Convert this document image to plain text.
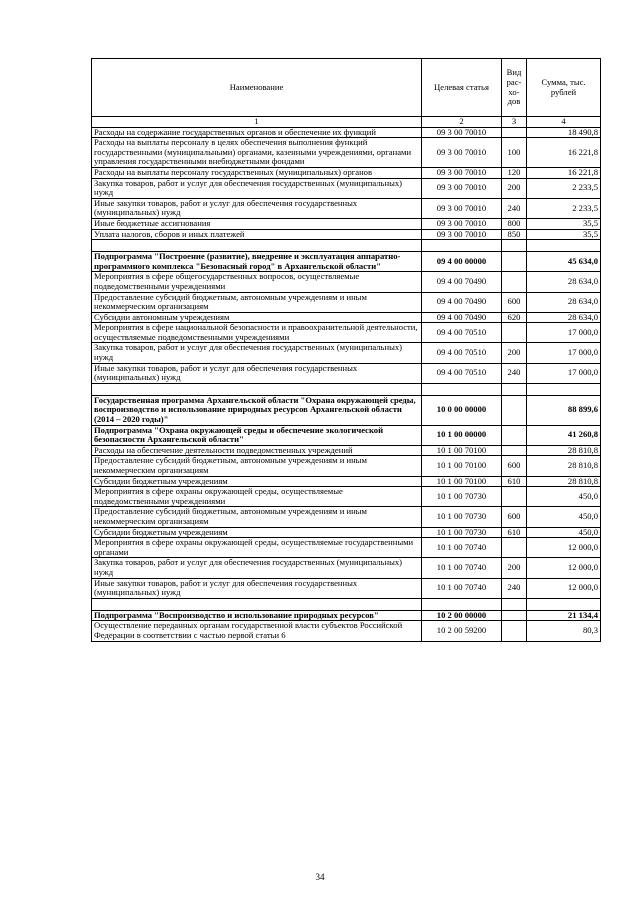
Наименование	Целевая статья	Вид рас-хо-дов	Сумма, тыс. рублей
1	2	3	4
Расходы на содержание государственных органов и обеспечение их функций	09 3 00 70010		18 490,8
Расходы на выплаты персоналу в целях обеспечения выполнения функций государственными (муниципальными) органами, казенными учреждениями, органами управления государственными внебюджетными фондами	09 3 00 70010	100	16 221,8
Расходы на выплаты персоналу государственных (муниципальных) органов	09 3 00 70010	120	16 221,8
Закупка товаров, работ и услуг для обеспечения государственных (муниципальных) нужд	09 3 00 70010	200	2 233,5
Иные закупки товаров, работ и услуг для обеспечения государственных (муниципальных) нужд	09 3 00 70010	240	2 233,5
Иные бюджетные ассигнования	09 3 00 70010	800	35,5
Уплата налогов, сборов и иных платежей	09 3 00 70010	850	35,5

Подпрограмма "Построение (развитие), внедрение и эксплуатация аппаратно-программного комплекса "Безопасный город" в Архангельской области"	09 4 00 00000		45 634,0
Мероприятия в сфере общегосударственных вопросов, осуществляемые подведомственными учреждениями	09 4 00 70490		28 634,0
Предоставление субсидий бюджетным, автономным учреждениям и иным некоммерческим организациям	09 4 00 70490	600	28 634,0
Субсидии автономным учреждениям	09 4 00 70490	620	28 634,0
Мероприятия в сфере национальной безопасности и правоохранительной деятельности, осуществляемые подведомственными учреждениями	09 4 00 70510		17 000,0
Закупка товаров, работ и услуг для обеспечения государственных (муниципальных) нужд	09 4 00 70510	200	17 000,0
Иные закупки товаров, работ и услуг для обеспечения государственных (муниципальных) нужд	09 4 00 70510	240	17 000,0

Государственная программа Архангельской области "Охрана окружающей среды, воспроизводство и использование природных ресурсов Архангельской области (2014 – 2020 годы)"	10 0 00 00000		88 899,6
Подпрограмма "Охрана окружающей среды и обеспечение экологической безопасности Архангельской области"	10 1 00 00000		41 260,8
Расходы на обеспечение деятельности подведомственных учреждений	10 1 00 70100		28 810,8
Предоставление субсидий бюджетным, автономным учреждениям и иным некоммерческим организациям	10 1 00 70100	600	28 810,8
Субсидии бюджетным учреждениям	10 1 00 70100	610	28 810,8
Мероприятия в сфере охраны окружающей среды, осуществляемые подведомственными учреждениями	10 1 00 70730		450,0
Предоставление субсидий бюджетным, автономным учреждениям и иным некоммерческим организациям	10 1 00 70730	600	450,0
Субсидии бюджетным учреждениям	10 1 00 70730	610	450,0
Мероприятия в сфере охраны окружающей среды, осуществляемые государственными органами	10 1 00 70740		12 000,0
Закупка товаров, работ и услуг для обеспечения государственных (муниципальных) нужд	10 1 00 70740	200	12 000,0
Иные закупки товаров, работ и услуг для обеспечения государственных (муниципальных) нужд	10 1 00 70740	240	12 000,0

Подпрограмма "Воспроизводство и использование природных ресурсов"	10 2 00 00000		21 134,4
Осуществление переданных органам государственной власти субъектов Российской Федерации в соответствии с частью первой статьи 6	10 2 00 59200		80,3
34
